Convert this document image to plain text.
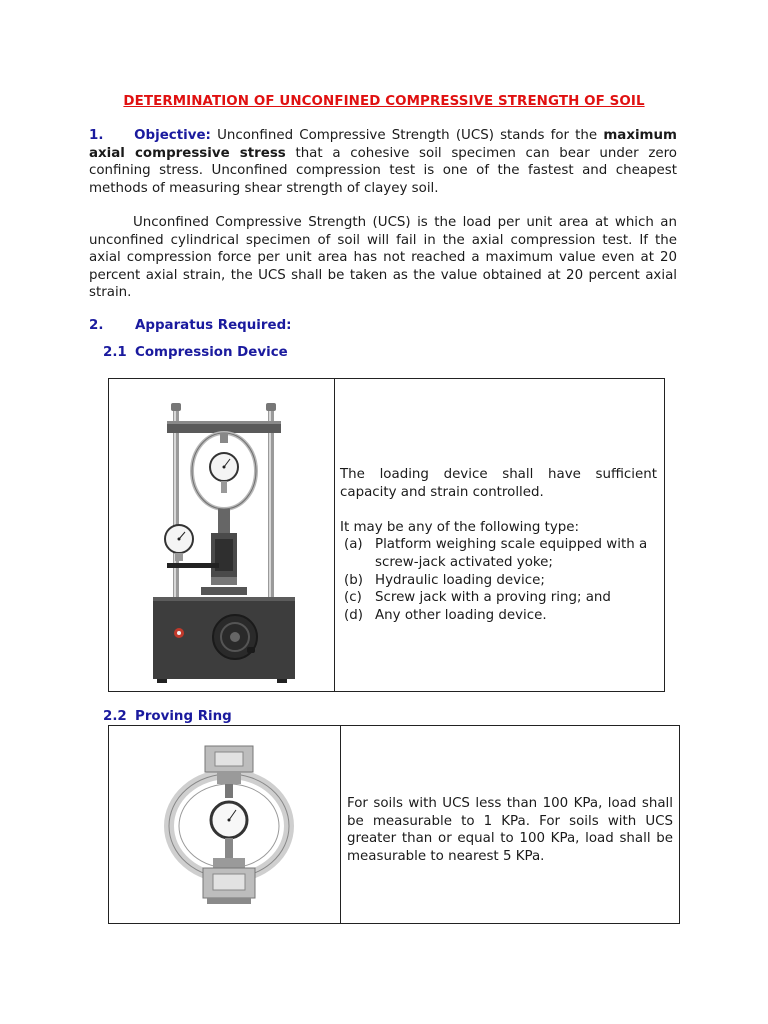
DETERMINATION OF UNCONFINED COMPRESSIVE STRENGTH OF SOIL

1. Objective: Unconfined Compressive Strength (UCS) stands for the maximum axial compressive stress that a cohesive soil specimen can bear under zero confining stress. Unconfined compression test is one of the fastest and cheapest methods of measuring shear strength of clayey soil.

Unconfined Compressive Strength (UCS) is the load per unit area at which an unconfined cylindrical specimen of soil will fail in the axial compression test. If the axial compression force per unit area has not reached a maximum value even at 20 percent axial strain, the UCS shall be taken as the value obtained at 20 percent axial strain.

2. Apparatus Required:
2.1 Compression Device
The loading device shall have sufficient capacity and strain controlled.
It may be any of the following type:
(a) Platform weighing scale equipped with a screw-jack activated yoke;
(b) Hydraulic loading device;
(c) Screw jack with a proving ring; and
(d) Any other loading device.
2.2 Proving Ring
For soils with UCS less than 100 KPa, load shall be measurable to 1 KPa. For soils with UCS greater than or equal to 100 KPa, load shall be measurable to nearest 5 KPa.
